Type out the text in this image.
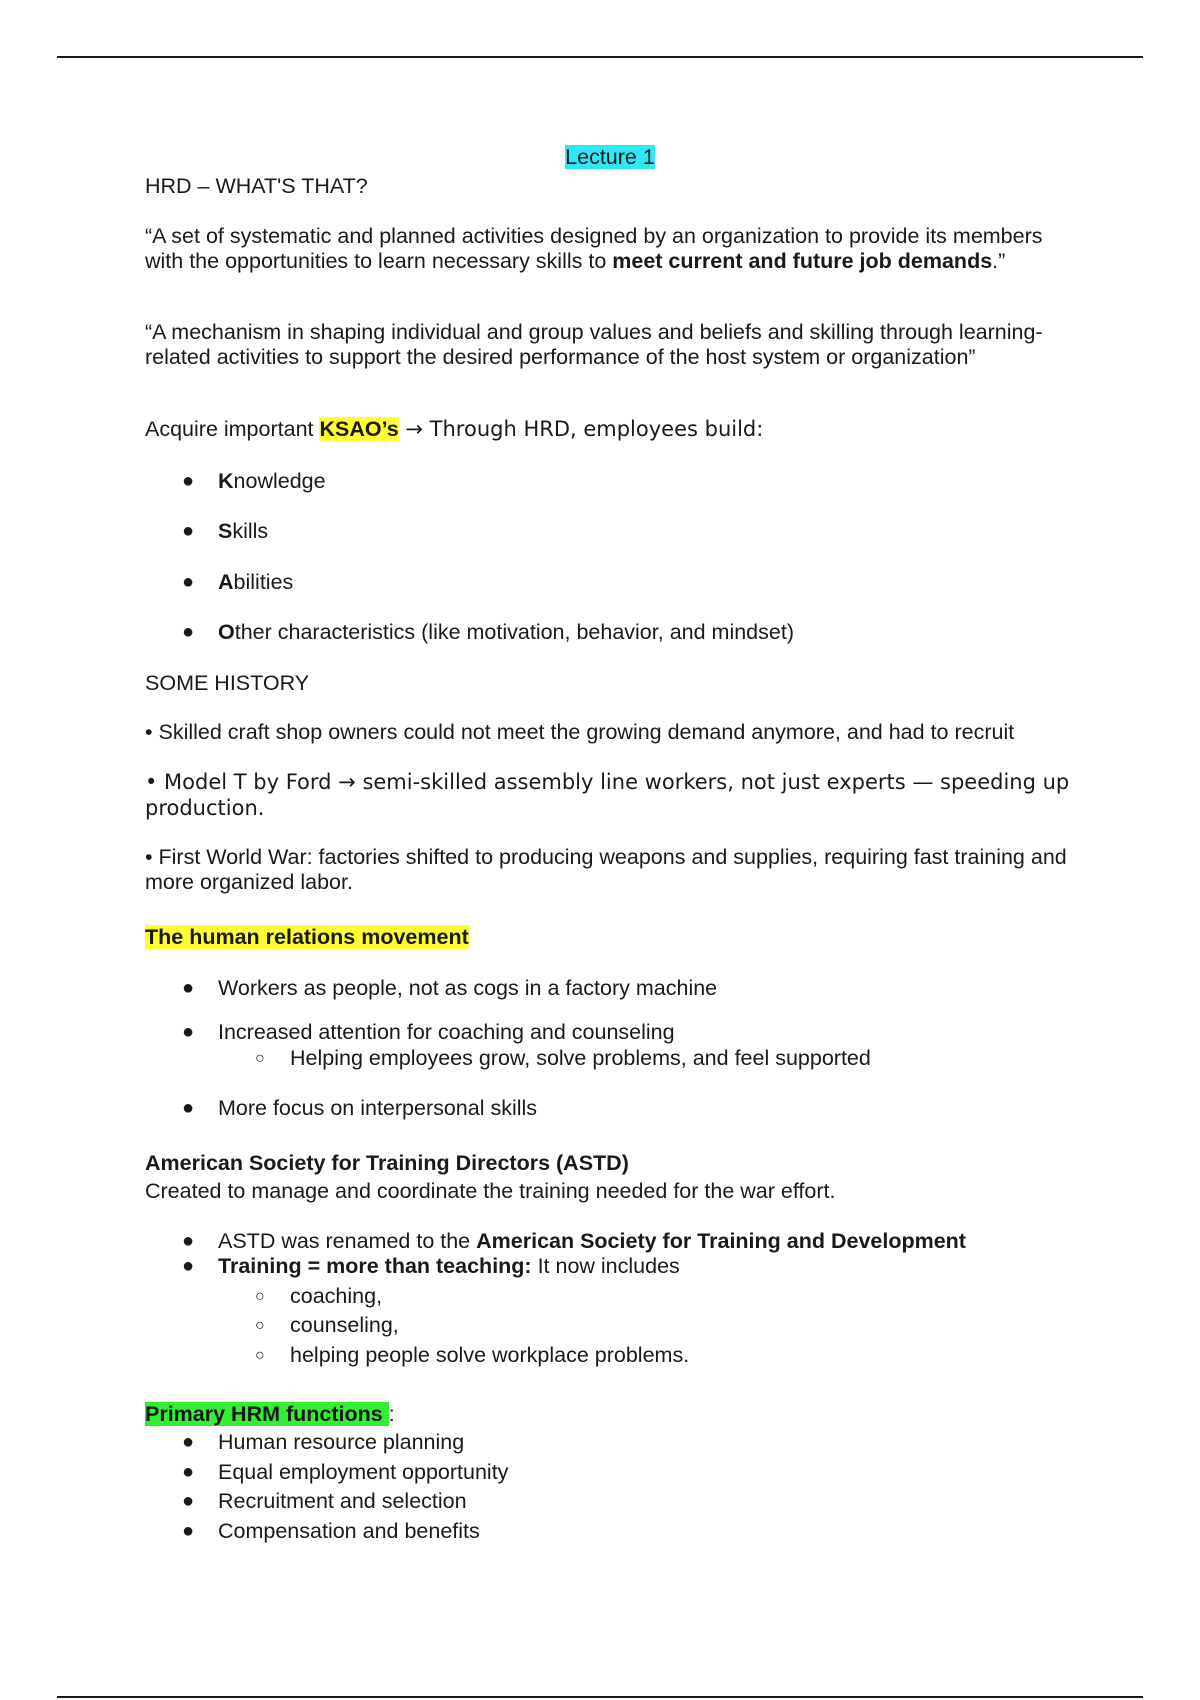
Lecture 1
HRD – WHAT'S THAT?
“A set of systematic and planned activities designed by an organization to provide its members with the opportunities to learn necessary skills to meet current and future job demands.”
“A mechanism in shaping individual and group values and beliefs and skilling through learning-related activities to support the desired performance of the host system or organization”
Acquire important KSAO’s → Through HRD, employees build:
●	Knowledge
●	Skills
●	Abilities
●	Other characteristics (like motivation, behavior, and mindset)
SOME HISTORY
• Skilled craft shop owners could not meet the growing demand anymore, and had to recruit
• Model T by Ford → semi-skilled assembly line workers, not just experts — speeding up production.
• First World War: factories shifted to producing weapons and supplies, requiring fast training and more organized labor.
The human relations movement
●	Workers as people, not as cogs in a factory machine
●	Increased attention for coaching and counseling
○	Helping employees grow, solve problems, and feel supported
●	More focus on interpersonal skills
American Society for Training Directors (ASTD)
Created to manage and coordinate the training needed for the war effort.
●	ASTD was renamed to the American Society for Training and Development
●	Training = more than teaching: It now includes
○	coaching,
○	counseling,
○	helping people solve workplace problems.
Primary HRM functions :
●	Human resource planning
●	Equal employment opportunity
●	Recruitment and selection
●	Compensation and benefits
